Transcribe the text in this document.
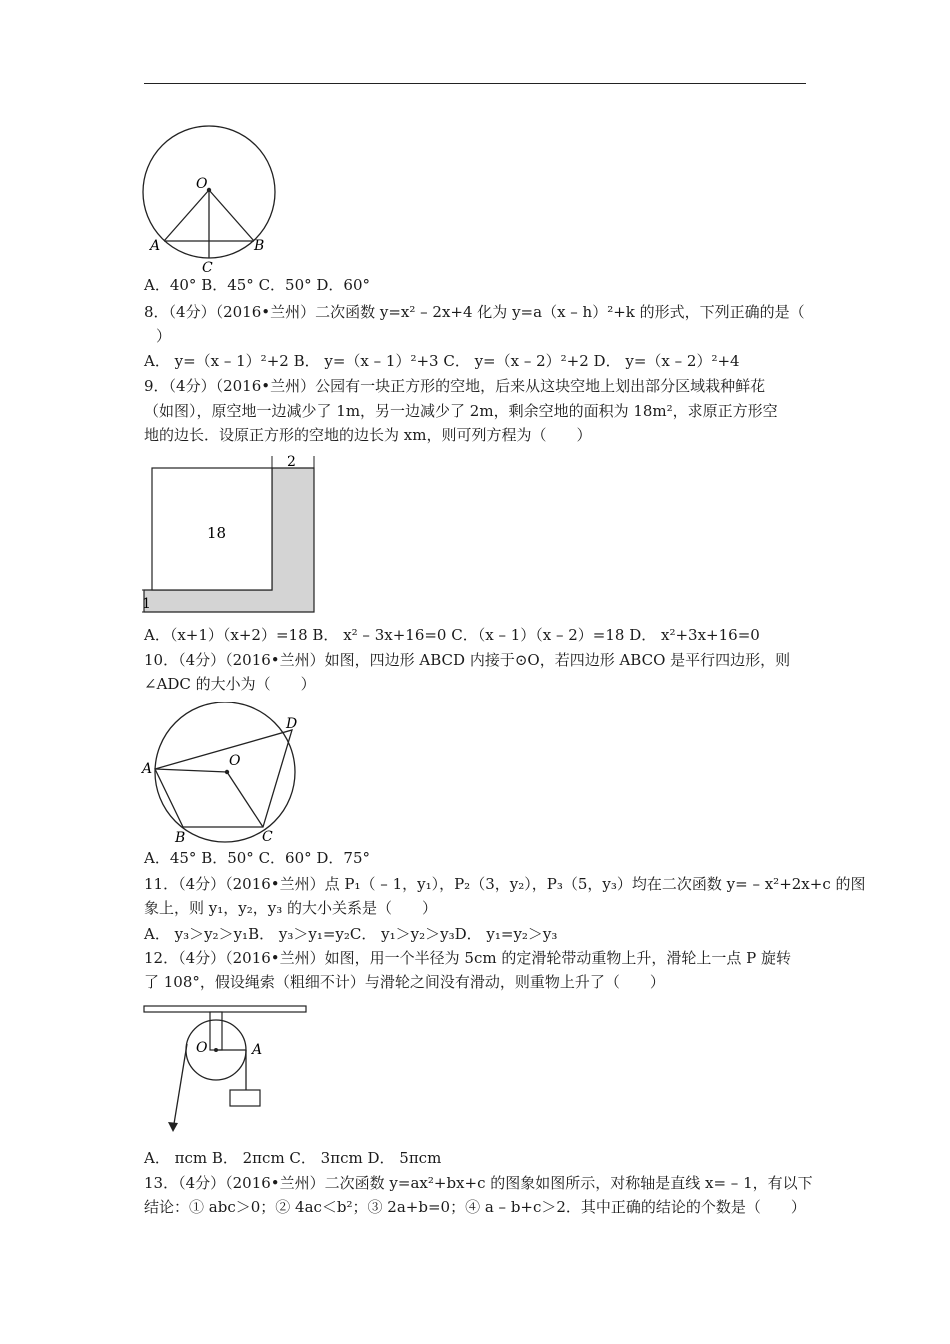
O
A	B
C
A．40° B．45° C．50° D．60°
8．（4分）（2016•兰州）二次函数 y=x² – 2x+4 化为 y=a（x – h）²+k 的形式，下列正确的是（
）
A． y=（x – 1）²+2 B． y=（x – 1）²+3 C． y=（x – 2）²+2 D． y=（x – 2）²+4
9．（4分）（2016•兰州）公园有一块正方形的空地，后来从这块空地上划出部分区域栽种鲜花
（如图），原空地一边减少了 1m，另一边减少了 2m，剩余空地的面积为 18m²，求原正方形空
地的边长．设原正方形的空地的边长为 xm，则可列方程为（　　）
2
18
1
A．（x+1）（x+2）=18 B． x² – 3x+16=0 C．（x – 1）（x – 2）=18 D． x²+3x+16=0
10．（4分）（2016•兰州）如图，四边形 ABCD 内接于⊙O，若四边形 ABCO 是平行四边形，则
∠ADC 的大小为（　　）
A
B	C
D
O
A．45° B．50° C．60° D．75°
11．（4分）（2016•兰州）点 P₁（ – 1，y₁），P₂（3，y₂），P₃（5，y₃）均在二次函数 y= – x²+2x+c 的图
象上，则 y₁，y₂，y₃ 的大小关系是（　　）
A． y₃＞y₂＞y₁B． y₃＞y₁=y₂C． y₁＞y₂＞y₃D． y₁=y₂＞y₃
12．（4分）（2016•兰州）如图，用一个半径为 5cm 的定滑轮带动重物上升，滑轮上一点 P 旋转
了 108°，假设绳索（粗细不计）与滑轮之间没有滑动，则重物上升了（　　）
O	A
A． πcm B． 2πcm C． 3πcm D． 5πcm
13．（4分）（2016•兰州）二次函数 y=ax²+bx+c 的图象如图所示，对称轴是直线 x= – 1，有以下
结论：① abc＞0；② 4ac＜b²；③ 2a+b=0；④ a – b+c＞2．其中正确的结论的个数是（　　）
